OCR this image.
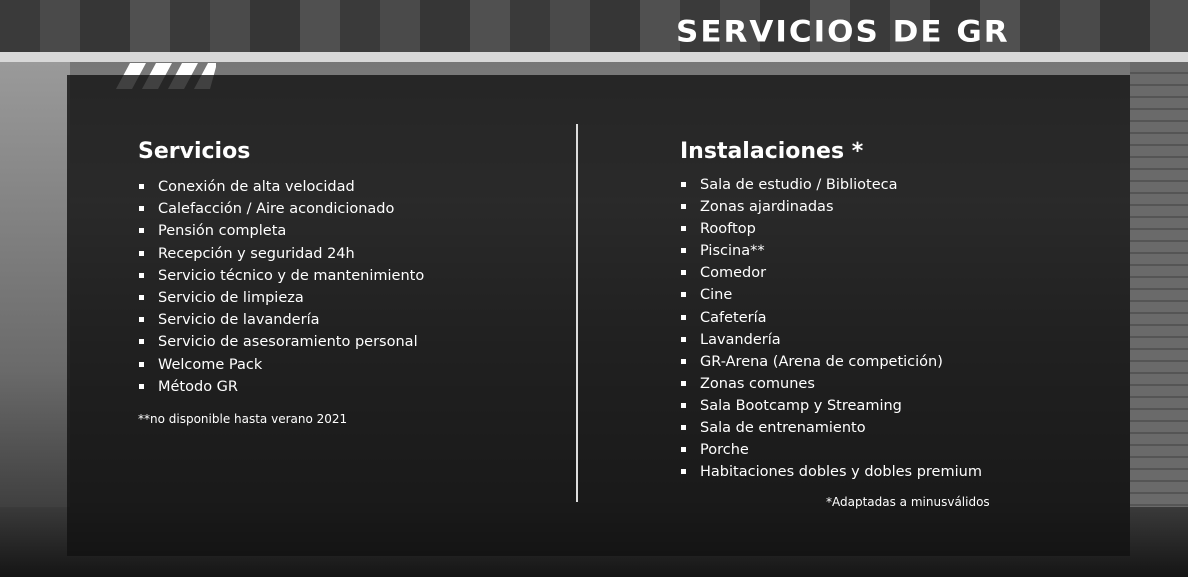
SERVICIOS DE GR
Servicios
Conexión de alta velocidad
Calefacción / Aire acondicionado
Pensión completa
Recepción y seguridad 24h
Servicio técnico y de mantenimiento
Servicio de limpieza
Servicio de lavandería
Servicio de asesoramiento personal
Welcome Pack
Método GR
**no disponible hasta verano 2021
Instalaciones *
Sala de estudio / Biblioteca
Zonas ajardinadas
Rooftop
Piscina**
Comedor
Cine
Cafetería
Lavandería
GR-Arena (Arena de competición)
Zonas comunes
Sala Bootcamp y Streaming
Sala de entrenamiento
Porche
Habitaciones dobles y dobles premium
*Adaptadas a minusválidos
